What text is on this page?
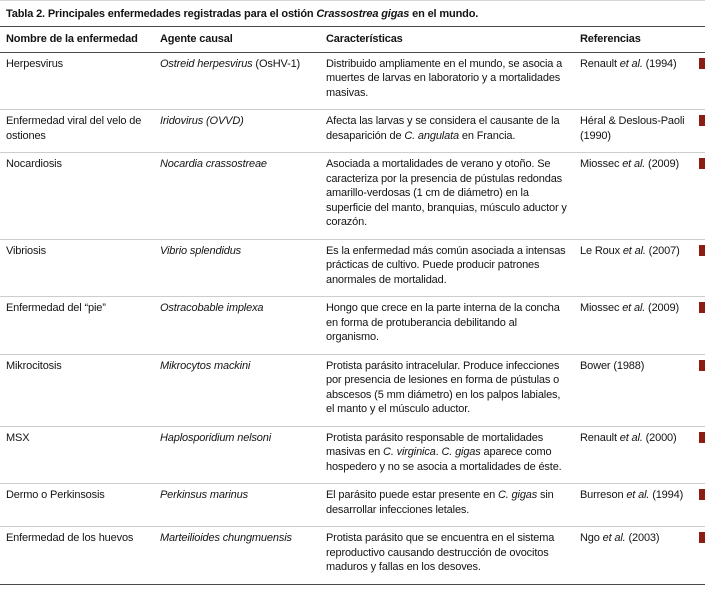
Tabla 2. Principales enfermedades registradas para el ostión Crassostrea gigas en el mundo.
Nombre de la enfermedad	Agente causal	Características	Referencias
Herpesvirus	Ostreid herpesvirus (OsHV-1)	Distribuido ampliamente en el mundo, se asocia a muertes de larvas en laboratorio y a mortalidades masivas.	Renault et al. (1994)

Enfermedad viral del velo de ostiones	Iridovirus (OVVD)	Afecta las larvas y se considera el causante de la desaparición de C. angulata en Francia.	Héral & Deslous-Paoli (1990)

Nocardiosis	Nocardia crassostreae	Asociada a mortalidades de verano y otoño. Se caracteriza por la presencia de pústulas redondas amarillo-verdosas (1 cm de diámetro) en la superficie del manto, branquias, músculo aductor y corazón.	Miossec et al. (2009)

Vibriosis	Vibrio splendidus	Es la enfermedad más común asociada a intensas prácticas de cultivo. Puede producir patrones anormales de mortalidad.	Le Roux et al. (2007)

Enfermedad del “pie”	Ostracobable implexa	Hongo que crece en la parte interna de la concha en forma de protuberancia debilitando al organismo.	Miossec et al. (2009)

Mikrocitosis	Mikrocytos mackini	Protista parásito intracelular. Produce infecciones por presencia de lesiones en forma de pústulas o abscesos (5 mm diámetro) en los palpos labiales, el manto y el músculo aductor.	Bower (1988)

MSX	Haplosporidium nelsoni	Protista parásito responsable de mortalidades masivas en C. virginica. C. gigas aparece como hospedero y no se asocia a mortalidades de éste.	Renault et al. (2000)

Dermo o Perkinsosis	Perkinsus marinus	El parásito puede estar presente en C. gigas sin desarrollar infecciones letales.	Burreson et al. (1994)

Enfermedad de los huevos	Marteilioides chungmuensis	Protista parásito que se encuentra en el sistema reproductivo causando destrucción de ovocitos maduros y fallas en los desoves.	Ngo et al. (2003)
